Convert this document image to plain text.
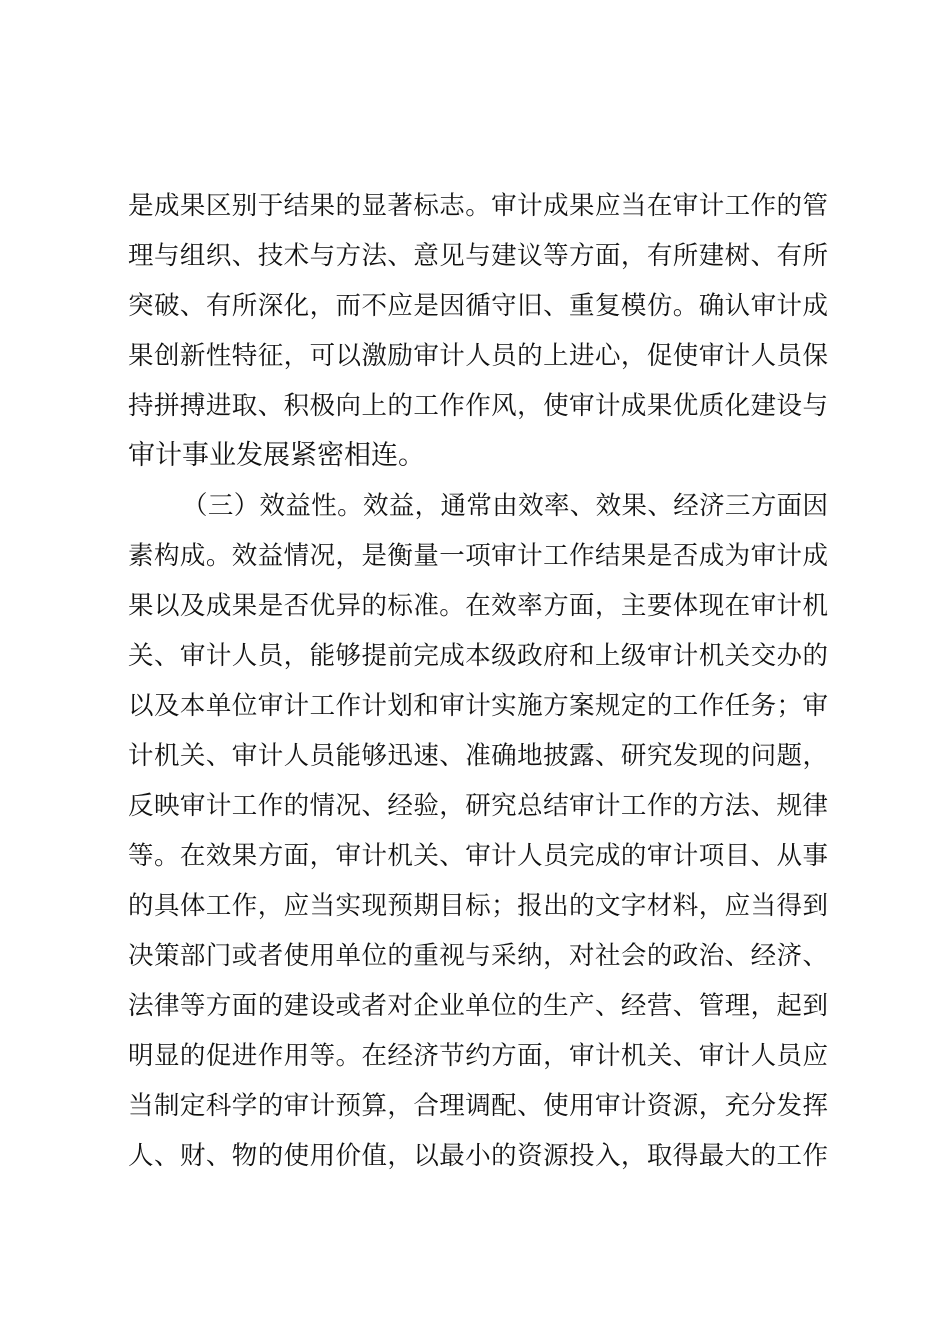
是成果区别于结果的显著标志。审计成果应当在审计工作的管
理与组织、技术与方法、意见与建议等方面，有所建树、有所
突破、有所深化，而不应是因循守旧、重复模仿。确认审计成
果创新性特征，可以激励审计人员的上进心，促使审计人员保
持拼搏进取、积极向上的工作作风，使审计成果优质化建设与
审计事业发展紧密相连。
（三）效益性。效益，通常由效率、效果、经济三方面因
素构成。效益情况，是衡量一项审计工作结果是否成为审计成
果以及成果是否优异的标准。在效率方面，主要体现在审计机
关、审计人员，能够提前完成本级政府和上级审计机关交办的
以及本单位审计工作计划和审计实施方案规定的工作任务；审
计机关、审计人员能够迅速、准确地披露、研究发现的问题，
反映审计工作的情况、经验，研究总结审计工作的方法、规律
等。在效果方面，审计机关、审计人员完成的审计项目、从事
的具体工作，应当实现预期目标；报出的文字材料，应当得到
决策部门或者使用单位的重视与采纳，对社会的政治、经济、
法律等方面的建设或者对企业单位的生产、经营、管理，起到
明显的促进作用等。在经济节约方面，审计机关、审计人员应
当制定科学的审计预算，合理调配、使用审计资源，充分发挥
人、财、物的使用价值，以最小的资源投入，取得最大的工作
